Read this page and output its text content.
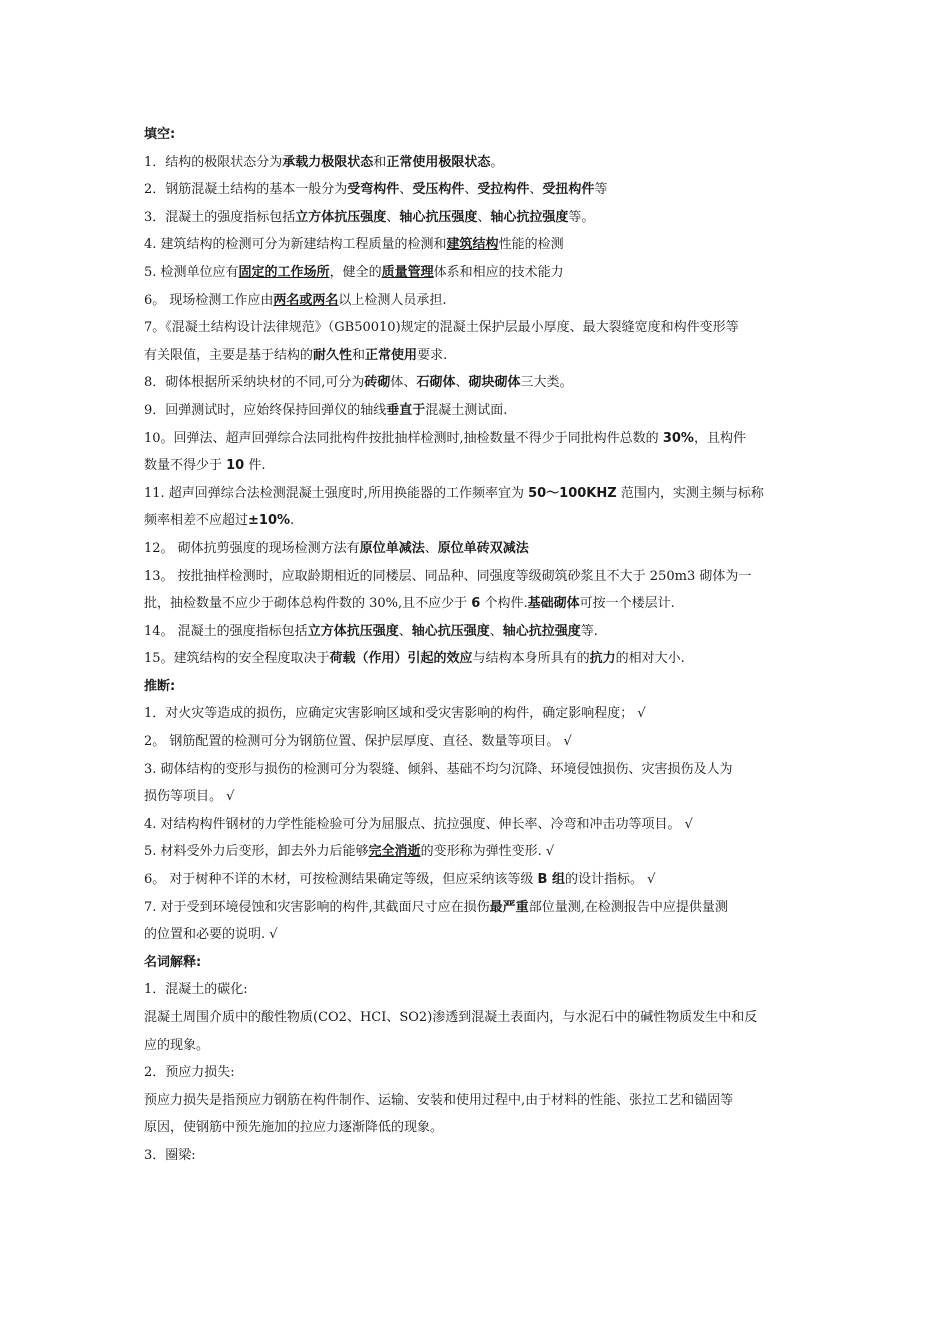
填空:
1．结构的极限状态分为承载力极限状态和正常使用极限状态。
2．钢筋混凝土结构的基本一般分为受弯构件、受压构件、受拉构件、受扭构件等
3．混凝土的强度指标包括立方体抗压强度、轴心抗压强度、轴心抗拉强度等。
4. 建筑结构的检测可分为新建结构工程质量的检测和建筑结构性能的检测
5. 检测单位应有固定的工作场所，健全的质量管理体系和相应的技术能力
6。 现场检测工作应由两名或两名以上检测人员承担.
7。《混凝土结构设计法律规范》（GB50010)规定的混凝土保护层最小厚度、最大裂缝宽度和构件变形等
有关限值，主要是基于结构的耐久性和正常使用要求.
8．砌体根据所采纳块材的不同,可分为砖砌体、石砌体、砌块砌体三大类。
9．回弹测试时，应始终保持回弹仪的轴线垂直于混凝土测试面.
10。回弹法、超声回弹综合法同批构件按批抽样检测时,抽检数量不得少于同批构件总数的 30%，且构件
数量不得少于 10 件.
11. 超声回弹综合法检测混凝土强度时,所用换能器的工作频率宜为 50～100KHZ 范围内，实测主频与标称
频率相差不应超过±10%.
12。 砌体抗剪强度的现场检测方法有原位单减法、原位单砖双减法
13。 按批抽样检测时，应取龄期相近的同楼层、同品种、同强度等级砌筑砂浆且不大于 250m3 砌体为一
批，抽检数量不应少于砌体总构件数的 30%,且不应少于 6 个构件.基础砌体可按一个楼层计.
14。 混凝土的强度指标包括立方体抗压强度、轴心抗压强度、轴心抗拉强度等.
15。建筑结构的安全程度取决于荷载（作用）引起的效应与结构本身所具有的抗力的相对大小.
推断:
1．对火灾等造成的损伤，应确定灾害影响区域和受灾害影响的构件，确定影响程度； √
2。 钢筋配置的检测可分为钢筋位置、保护层厚度、直径、数量等项目。 √
3. 砌体结构的变形与损伤的检测可分为裂缝、倾斜、基础不均匀沉降、环境侵蚀损伤、灾害损伤及人为
损伤等项目。 √
4. 对结构构件钢材的力学性能检验可分为屈服点、抗拉强度、伸长率、冷弯和冲击功等项目。 √
5. 材料受外力后变形，卸去外力后能够完全消逝的变形称为弹性变形. √
6。 对于树种不详的木材，可按检测结果确定等级，但应采纳该等级 B 组的设计指标。 √
7. 对于受到环境侵蚀和灾害影响的构件,其截面尺寸应在损伤最严重部位量测,在检测报告中应提供量测
的位置和必要的说明. √
名词解释:
1．混凝土的碳化:
混凝土周围介质中的酸性物质(CO2、HCI、SO2)渗透到混凝土表面内，与水泥石中的碱性物质发生中和反
应的现象。
2．预应力损失:
预应力损失是指预应力钢筋在构件制作、运输、安装和使用过程中,由于材料的性能、张拉工艺和锚固等
原因，使钢筋中预先施加的拉应力逐渐降低的现象。
3．圈梁:
